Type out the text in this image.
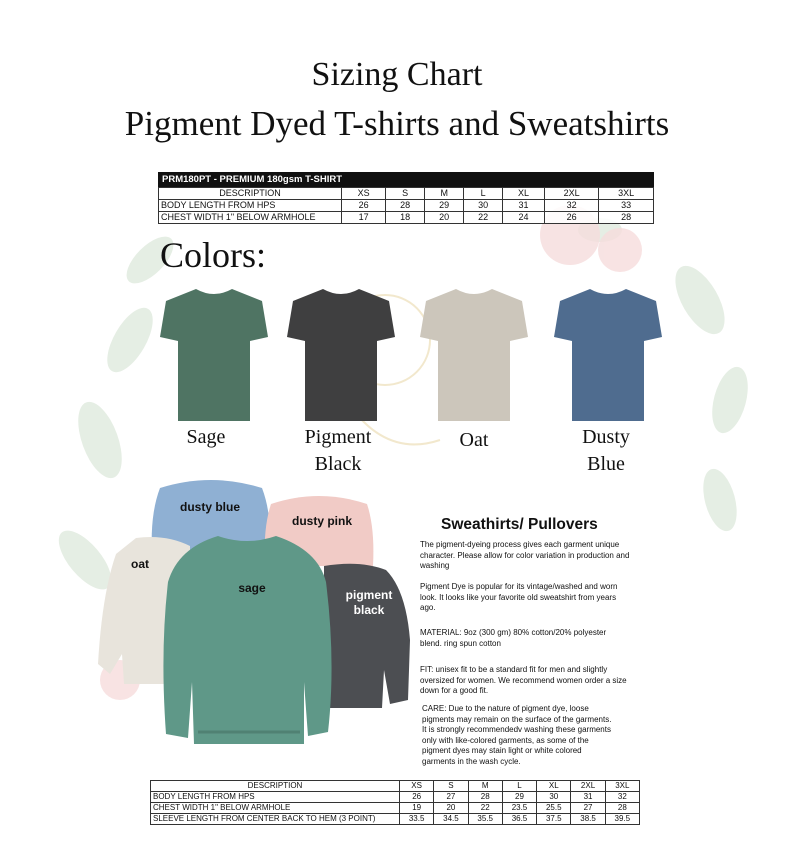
Sizing Chart
Pigment Dyed T-shirts and Sweatshirts
PRM180PT - PREMIUM 180gsm T-SHIRT
DESCRIPTION	XS	S	M	L	XL	2XL	3XL
BODY LENGTH FROM HPS	26	28	29	30	31	32	33
CHEST WIDTH 1" BELOW ARMHOLE	17	18	20	22	24	26	28
Colors:
Sage	Pigment
Black
Oat	Dusty
Blue
dusty blue
dusty pink
oat
sage	pigment
black
Sweathirts/ Pullovers
The pigment-dyeing process gives each garment unique
character. Please allow for color variation in production and
washing
Pigment Dye is popular for its vintage/washed and worn
look. It looks like your favorite old sweatshirt from years
ago.
MATERIAL: 9oz (300 gm) 80% cotton/20% polyester
blend. ring spun cotton
FIT: unisex fit to be a standard fit for men and slightly
oversized for women. We recommend women order a size
down for a good fit.
CARE: Due to the nature of pigment dye, loose
pigments may remain on the surface of the garments.
It is strongly recommendedv washing these garments
only with like-colored garments, as some of the
pigment dyes may stain light or white colored
garments in the wash cycle.
DESCRIPTION	XS	S	M	L	XL	2XL	3XL
BODY LENGTH FROM HPS	26	27	28	29	30	31	32
CHEST WIDTH 1" BELOW ARMHOLE	19	20	22	23.5	25.5	27	28
SLEEVE LENGTH FROM CENTER BACK TO HEM (3 POINT)	33.5	34.5	35.5	36.5	37.5	38.5	39.5
